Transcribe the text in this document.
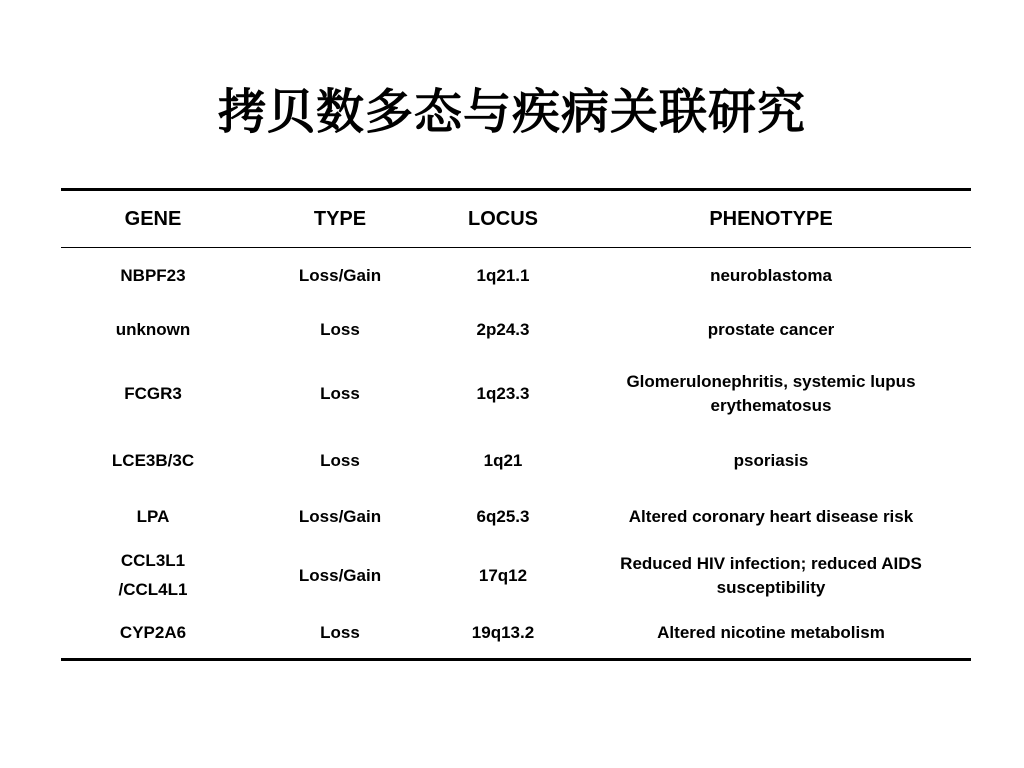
拷贝数多态与疾病关联研究
GENE	TYPE	LOCUS	PHENOTYPE

NBPF23	Loss/Gain	1q21.1	neuroblastoma

unknown	Loss	2p24.3	prostate cancer

FCGR3	Loss	1q23.3	Glomerulonephritis, systemic lupus erythematosus

LCE3B/3C	Loss	1q21	psoriasis

LPA	Loss/Gain	6q25.3	Altered coronary heart disease risk

CCL3L1
/CCL4L1	Loss/Gain	17q12	Reduced HIV infection; reduced AIDS susceptibility

CYP2A6	Loss	19q13.2	Altered nicotine metabolism
